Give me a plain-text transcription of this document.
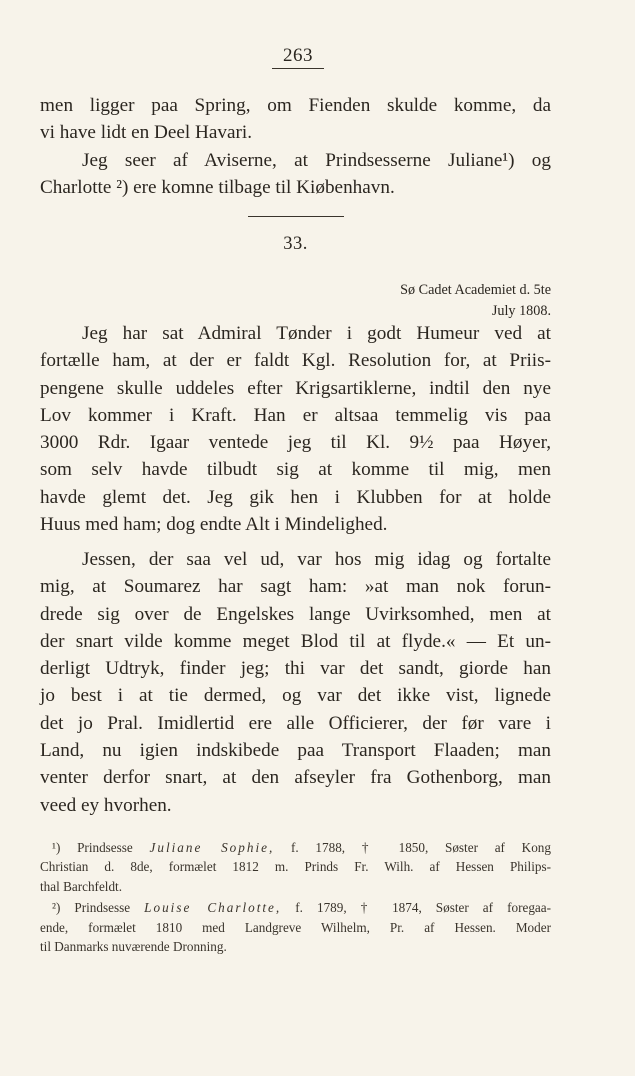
263
men ligger paa Spring, om Fienden skulde komme, da
vi have lidt en Deel Havari.
Jeg seer af Aviserne, at Prindsesserne Juliane¹) og
Charlotte ²) ere komne tilbage til Kiøbenhavn.
33.
Sø Cadet Academiet d. 5te
July 1808.
Jeg har sat Admiral Tønder i godt Humeur ved at
fortælle ham, at der er faldt Kgl. Resolution for, at Priis-
pengene skulle uddeles efter Krigsartiklerne, indtil den nye
Lov kommer i Kraft. Han er altsaa temmelig vis paa
3000 Rdr. Igaar ventede jeg til Kl. 9½ paa Høyer,
som selv havde tilbudt sig at komme til mig, men
havde glemt det. Jeg gik hen i Klubben for at holde
Huus med ham; dog endte Alt i Mindelighed.
Jessen, der saa vel ud, var hos mig idag og fortalte
mig, at Soumarez har sagt ham: »at man nok forun-
drede sig over de Engelskes lange Uvirksomhed, men at
der snart vilde komme meget Blod til at flyde.« — Et un-
derligt Udtryk, finder jeg; thi var det sandt, giorde han
jo best i at tie dermed, og var det ikke vist, lignede
det jo Pral. Imidlertid ere alle Officierer, der før vare i
Land, nu igien indskibede paa Transport Flaaden; man
venter derfor snart, at den afseyler fra Gothenborg, man
veed ey hvorhen.
¹) Prindsesse Juliane Sophie, f. 1788, † 1850, Søster af Kong
Christian d. 8de, formælet 1812 m. Prinds Fr. Wilh. af Hessen Philips-
thal Barchfeldt.
²) Prindsesse Louise Charlotte, f. 1789, † 1874, Søster af foregaa-
ende, formælet 1810 med Landgreve Wilhelm, Pr. af Hessen. Moder
til Danmarks nuværende Dronning.
